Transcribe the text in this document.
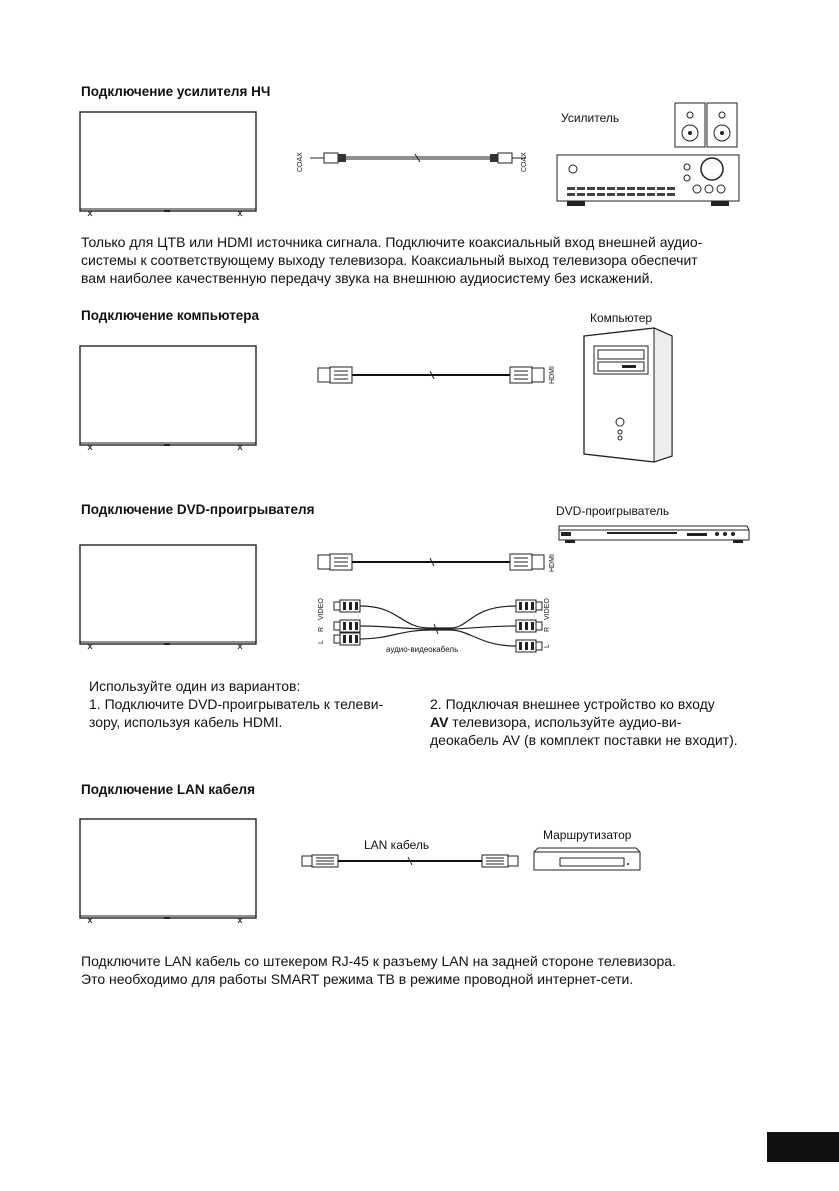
Подключение усилителя НЧ
COAX	COAX
Усилитель
Только для ЦТВ или HDMI источника сигнала. Подключите коаксиальный вход внешней аудио-
системы к соответствующему выходу телевизора. Коаксиальный выход телевизора обеспечит
вам наиболее качественную передачу звука на внешнюю аудиосистему без искажений.
Подключение компьютера
HDMI
Компьютер
Подключение DVD-проигрывателя
HDMI
L
R
VIDEO	VIDEO
R
L
аудио-видеокабель
DVD-проигрыватель
Используйте один из вариантов:
1. Подключите DVD-проигрыватель к телеви-
зору, используя кабель HDMI.
2. Подключая внешнее устройство ко входу
AV телевизора, используйте аудио-ви-
деокабель AV (в комплект поставки не входит).
Подключение LAN кабеля
LAN кабель
Маршрутизатор
Подключите LAN кабель со штекером RJ-45 к разъему LAN на задней стороне телевизора.
Это необходимо для работы SMART режима ТВ в режиме проводной интернет-сети.
